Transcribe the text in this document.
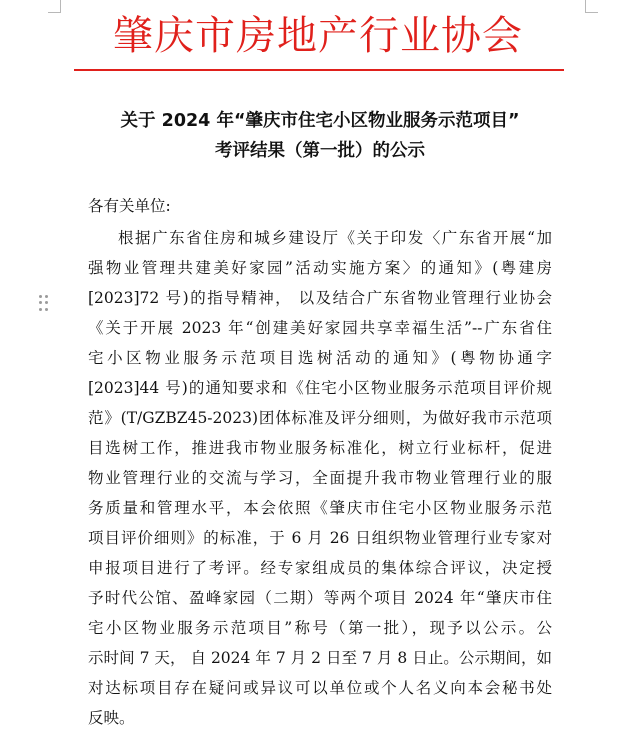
肇庆市房地产行业协会
关于 2024 年“肇庆市住宅小区物业服务示范项目”
考评结果（第一批）的公示
各有关单位:
根据广东省住房和城乡建设厅《关于印发〈广东省开展“加
强物业管理共建美好家园”活动实施方案〉的通知》(粤建房
[2023]72 号)的指导精神， 以及结合广东省物业管理行业协会
《关于开展 2023 年“创建美好家园共享幸福生活”--广东省住
宅小区物业服务示范项目选树活动的通知》(粤物协通字
[2023]44 号)的通知要求和《住宅小区物业服务示范项目评价规
范》(T/GZBZ45-2023)团体标准及评分细则，为做好我市示范项
目选树工作，推进我市物业服务标准化，树立行业标杆，促进
物业管理行业的交流与学习，全面提升我市物业管理行业的服
务质量和管理水平，本会依照《肇庆市住宅小区物业服务示范
项目评价细则》的标准，于 6 月 26 日组织物业管理行业专家对
申报项目进行了考评。经专家组成员的集体综合评议，决定授
予时代公馆、盈峰家园（二期）等两个项目 2024 年“肇庆市住
宅小区物业服务示范项目”称号（第一批），现予以公示。公
示时间 7 天， 自 2024 年 7 月 2 日至 7 月 8 日止。公示期间，如
对达标项目存在疑问或异议可以单位或个人名义向本会秘书处
反映。
